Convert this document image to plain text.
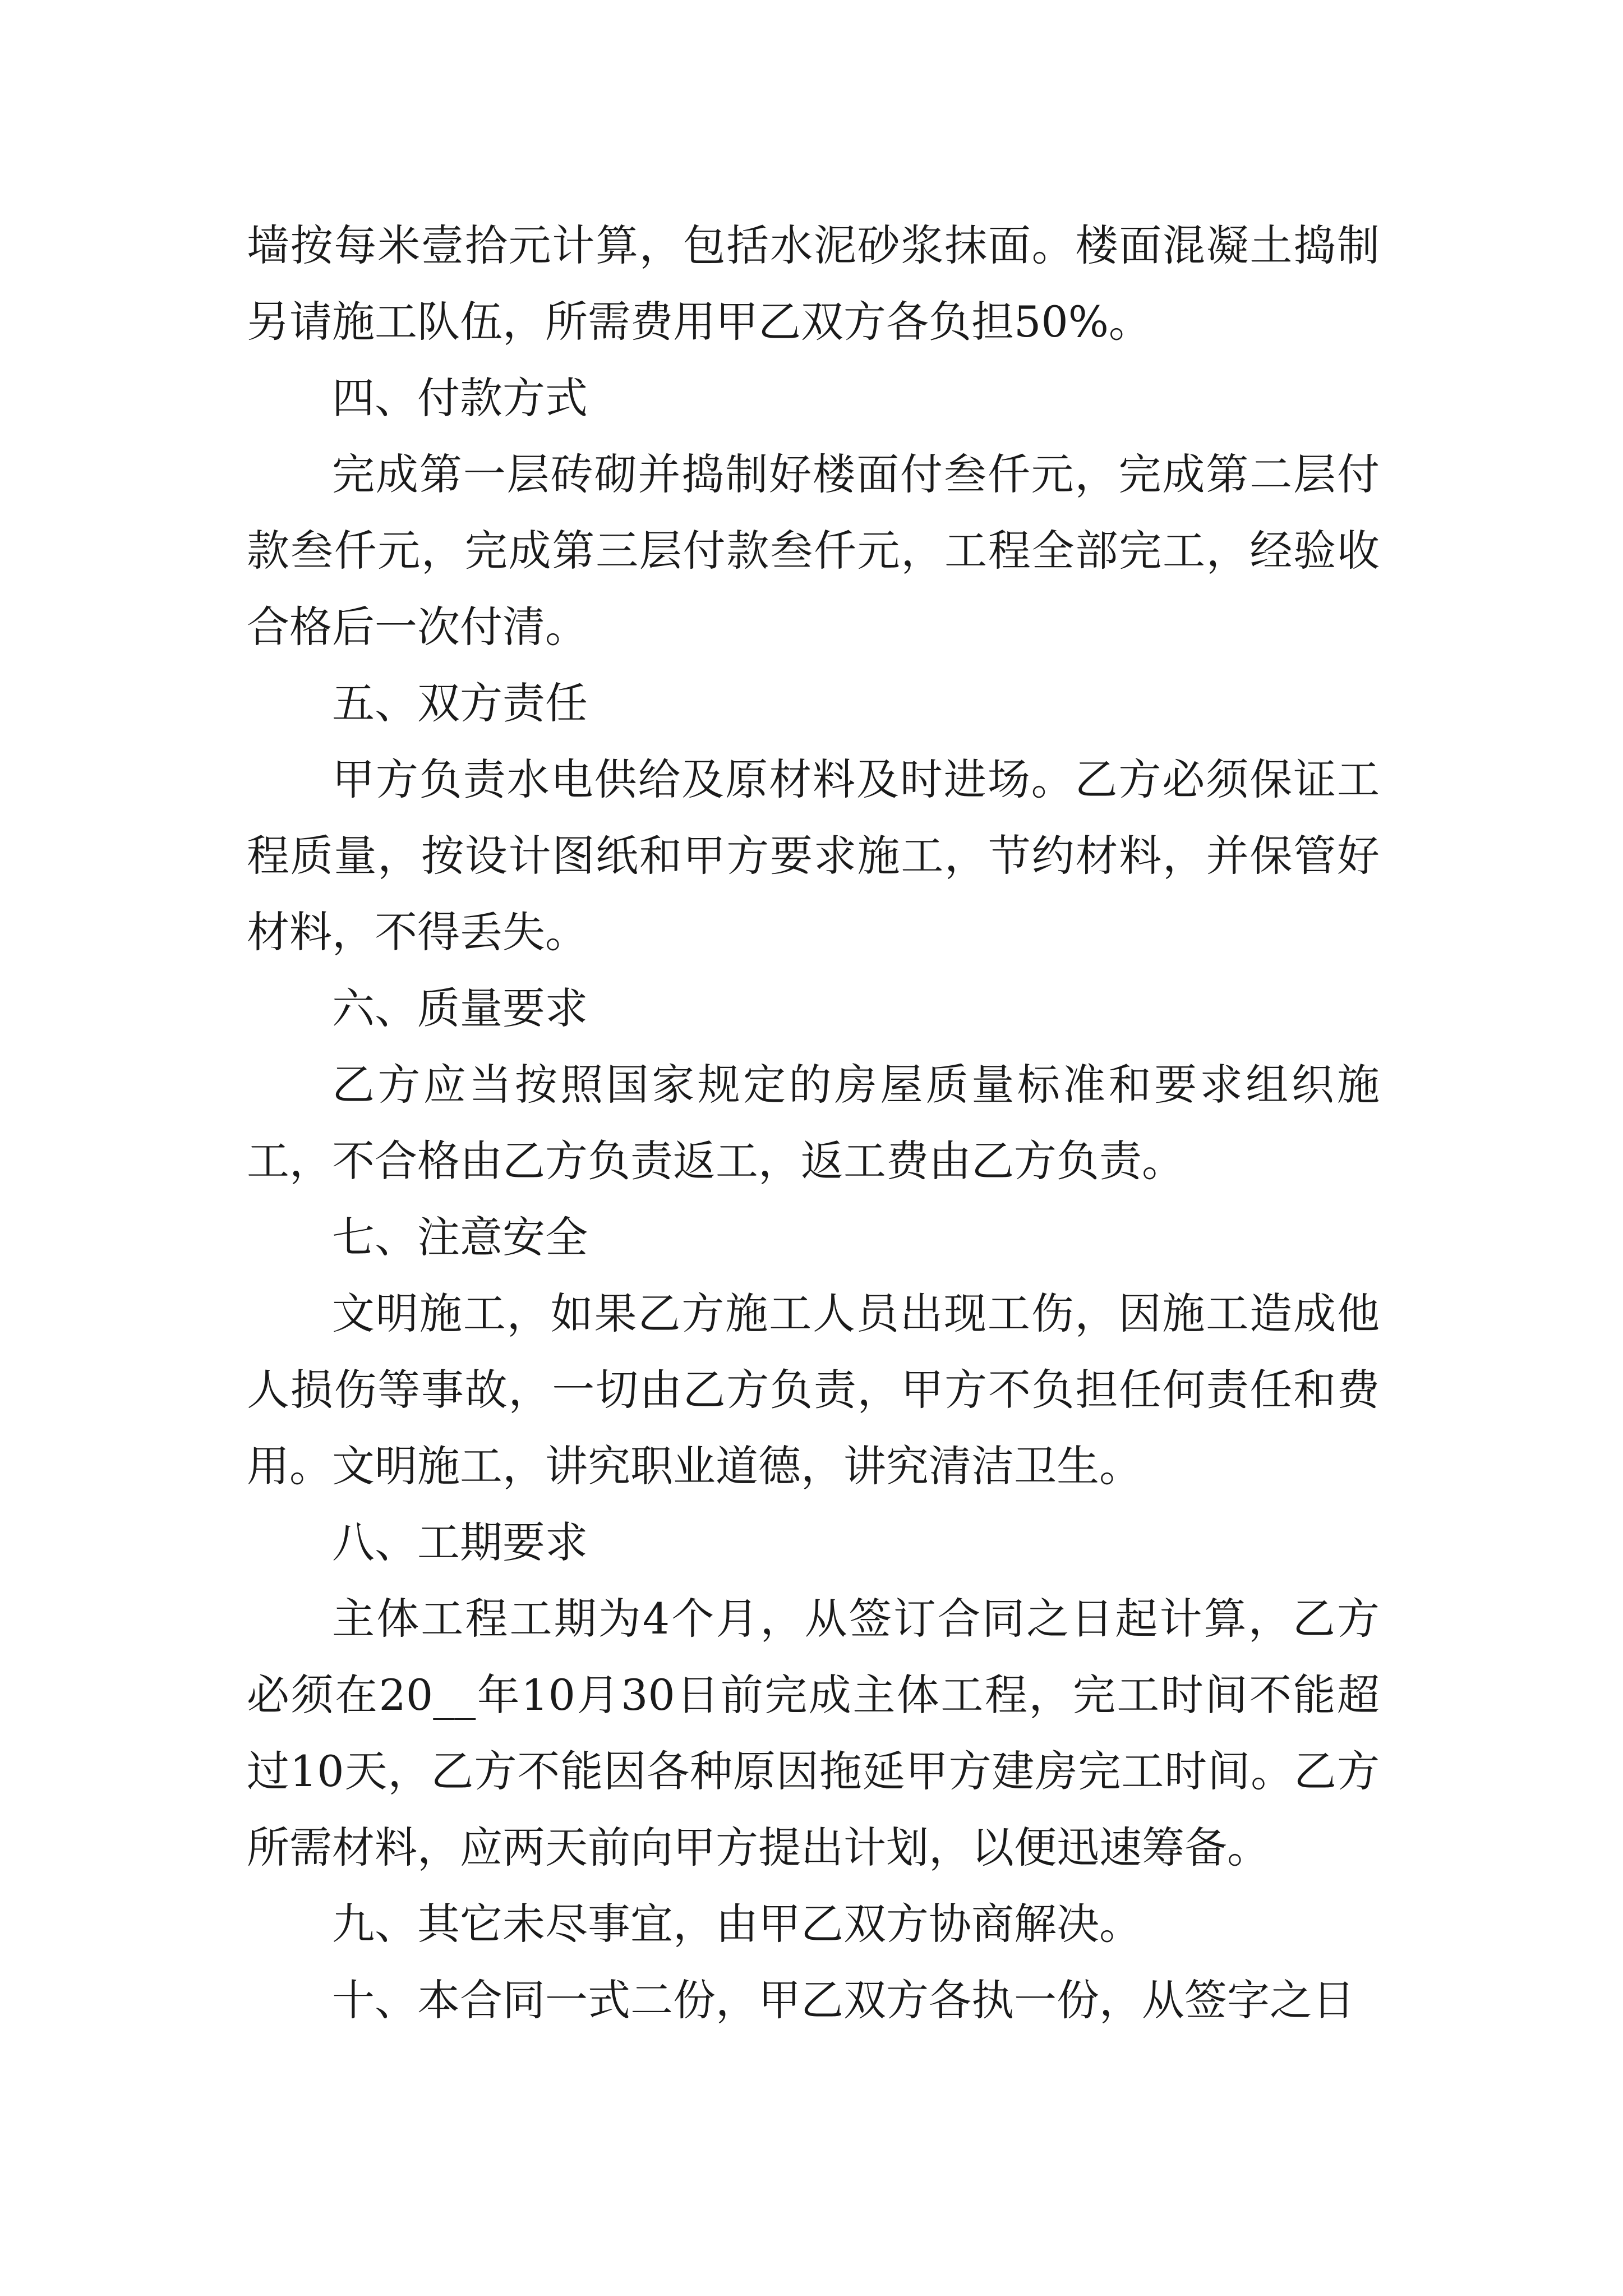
墙按每米壹拾元计算，包括水泥砂浆抹面。楼面混凝土捣制另请施工队伍，所需费用甲乙双方各负担50%。

四、付款方式

完成第一层砖砌并捣制好楼面付叁仟元，完成第二层付款叁仟元，完成第三层付款叁仟元，工程全部完工，经验收合格后一次付清。

五、双方责任

甲方负责水电供给及原材料及时进场。乙方必须保证工程质量，按设计图纸和甲方要求施工，节约材料，并保管好材料，不得丢失。

六、质量要求

乙方应当按照国家规定的房屋质量标准和要求组织施工，不合格由乙方负责返工，返工费由乙方负责。

七、注意安全

文明施工，如果乙方施工人员出现工伤，因施工造成他人损伤等事故，一切由乙方负责，甲方不负担任何责任和费用。文明施工，讲究职业道德，讲究清洁卫生。

八、工期要求

主体工程工期为4个月，从签订合同之日起计算，乙方必须在20__年10月30日前完成主体工程，完工时间不能超过10天，乙方不能因各种原因拖延甲方建房完工时间。乙方所需材料，应两天前向甲方提出计划，以便迅速筹备。

九、其它未尽事宜，由甲乙双方协商解决。

十、本合同一式二份，甲乙双方各执一份，从签字之日
